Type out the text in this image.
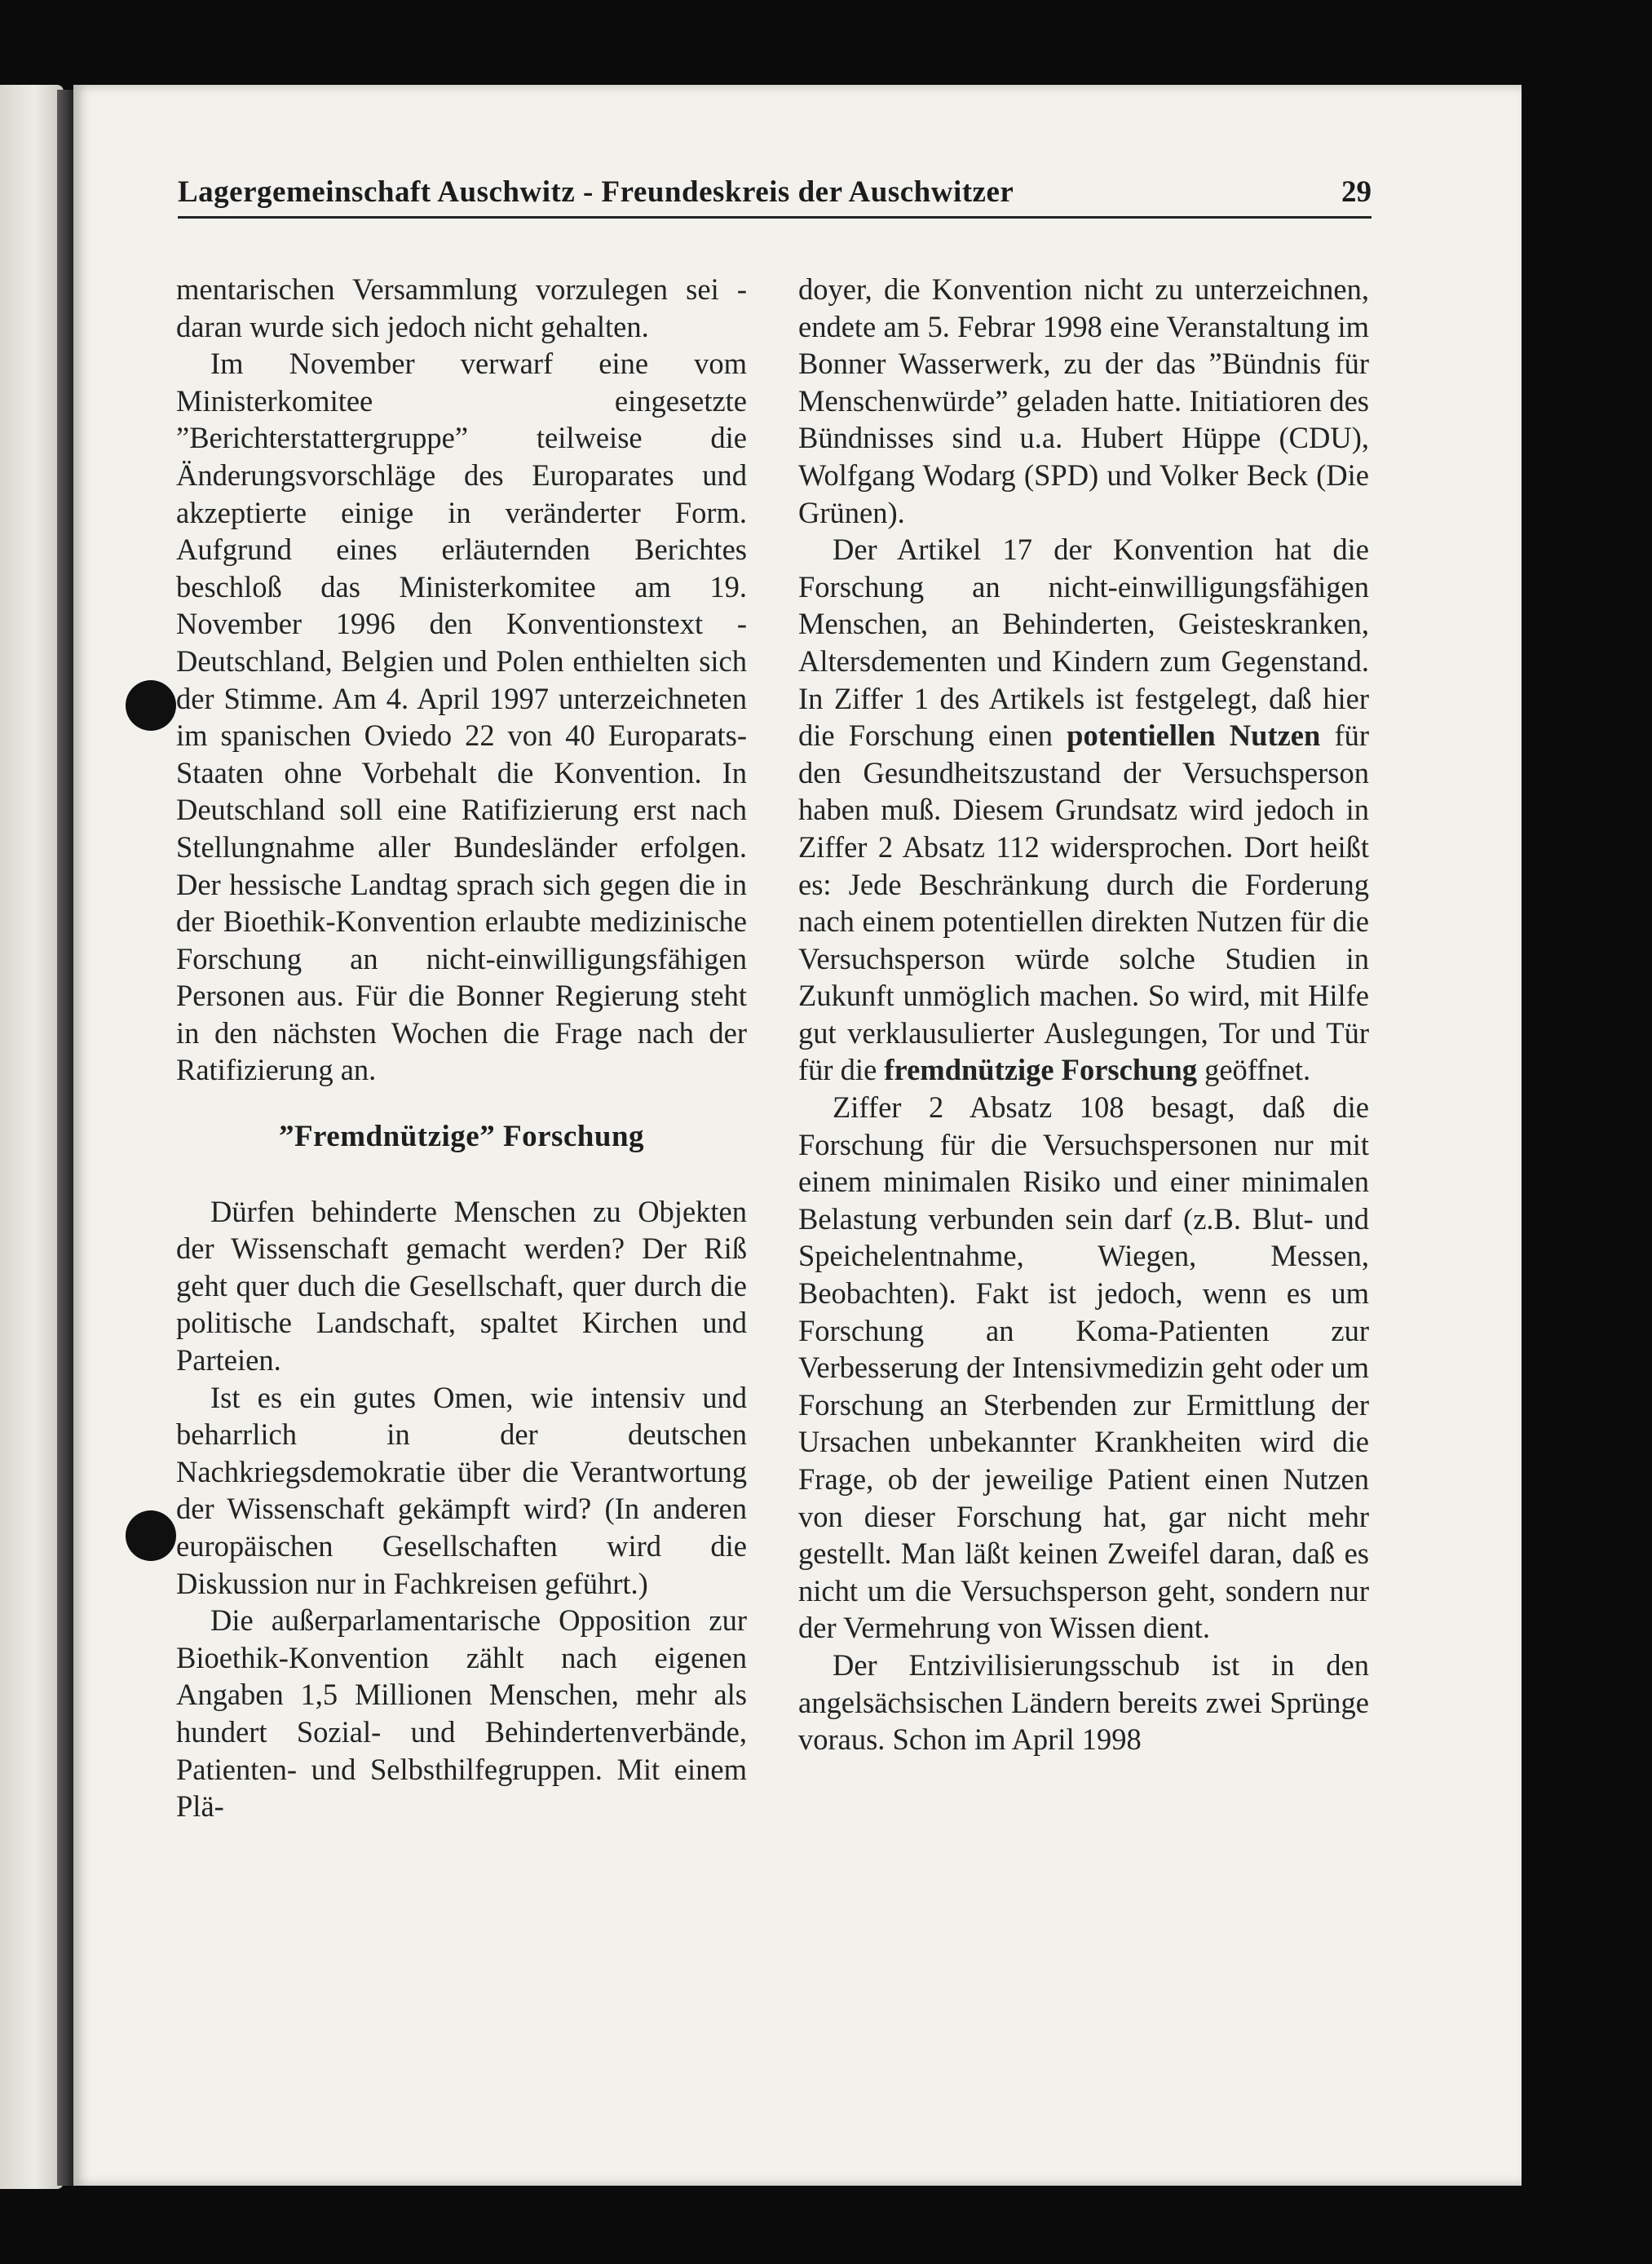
Lagergemeinschaft Auschwitz - Freundeskreis der Auschwitzer	29

mentarischen Versammlung vorzulegen sei - daran wurde sich jedoch nicht gehalten.

Im November verwarf eine vom Ministerkomitee eingesetzte ”Berichterstattergruppe” teilweise die Änderungsvorschläge des Europarates und akzeptierte einige in veränderter Form. Aufgrund eines erläuternden Berichtes beschloß das Ministerkomitee am 19. November 1996 den Konventionstext - Deutschland, Belgien und Polen enthielten sich der Stimme. Am 4. April 1997 unterzeichneten im spanischen Oviedo 22 von 40 Europarats-Staaten ohne Vorbehalt die Konvention. In Deutschland soll eine Ratifizierung erst nach Stellungnahme aller Bundesländer erfolgen. Der hessische Landtag sprach sich gegen die in der Bioethik-Konvention erlaubte medizinische Forschung an nicht-einwilligungsfähigen Personen aus. Für die Bonner Regierung steht in den nächsten Wochen die Frage nach der Ratifizierung an.

”Fremdnützige” Forschung

Dürfen behinderte Menschen zu Objekten der Wissenschaft gemacht werden? Der Riß geht quer duch die Gesellschaft, quer durch die politische Landschaft, spaltet Kirchen und Parteien.

Ist es ein gutes Omen, wie intensiv und beharrlich in der deutschen Nachkriegsdemokratie über die Verantwortung der Wissenschaft gekämpft wird? (In anderen europäischen Gesellschaften wird die Diskussion nur in Fachkreisen geführt.)

Die außerparlamentarische Opposition zur Bioethik-Konvention zählt nach eigenen Angaben 1,5 Millionen Menschen, mehr als hundert Sozial- und Behindertenverbände, Patienten- und Selbsthilfegruppen. Mit einem Plä-

doyer, die Konvention nicht zu unterzeichnen, endete am 5. Febrar 1998 eine Veranstaltung im Bonner Wasserwerk, zu der das ”Bündnis für Menschenwürde” geladen hatte. Initiatioren des Bündnisses sind u.a. Hubert Hüppe (CDU), Wolfgang Wodarg (SPD) und Volker Beck (Die Grünen).

Der Artikel 17 der Konvention hat die Forschung an nicht-einwilligungsfähigen Menschen, an Behinderten, Geisteskranken, Altersdementen und Kindern zum Gegenstand. In Ziffer 1 des Artikels ist festgelegt, daß hier die Forschung einen potentiellen Nutzen für den Gesundheitszustand der Versuchsperson haben muß. Diesem Grundsatz wird jedoch in Ziffer 2 Absatz 112 widersprochen. Dort heißt es: Jede Beschränkung durch die Forderung nach einem potentiellen direkten Nutzen für die Versuchsperson würde solche Studien in Zukunft unmöglich machen. So wird, mit Hilfe gut verklausulierter Auslegungen, Tor und Tür für die fremdnützige Forschung geöffnet.

Ziffer 2 Absatz 108 besagt, daß die Forschung für die Versuchspersonen nur mit einem minimalen Risiko und einer minimalen Belastung verbunden sein darf (z.B. Blut- und Speichelentnahme, Wiegen, Messen, Beobachten). Fakt ist jedoch, wenn es um Forschung an Koma-Patienten zur Verbesserung der Intensivmedizin geht oder um Forschung an Sterbenden zur Ermittlung der Ursachen unbekannter Krankheiten wird die Frage, ob der jeweilige Patient einen Nutzen von dieser Forschung hat, gar nicht mehr gestellt. Man läßt keinen Zweifel daran, daß es nicht um die Versuchsperson geht, sondern nur der Vermehrung von Wissen dient.

Der Entzivilisierungsschub ist in den angelsächsischen Ländern bereits zwei Sprünge voraus. Schon im April 1998
